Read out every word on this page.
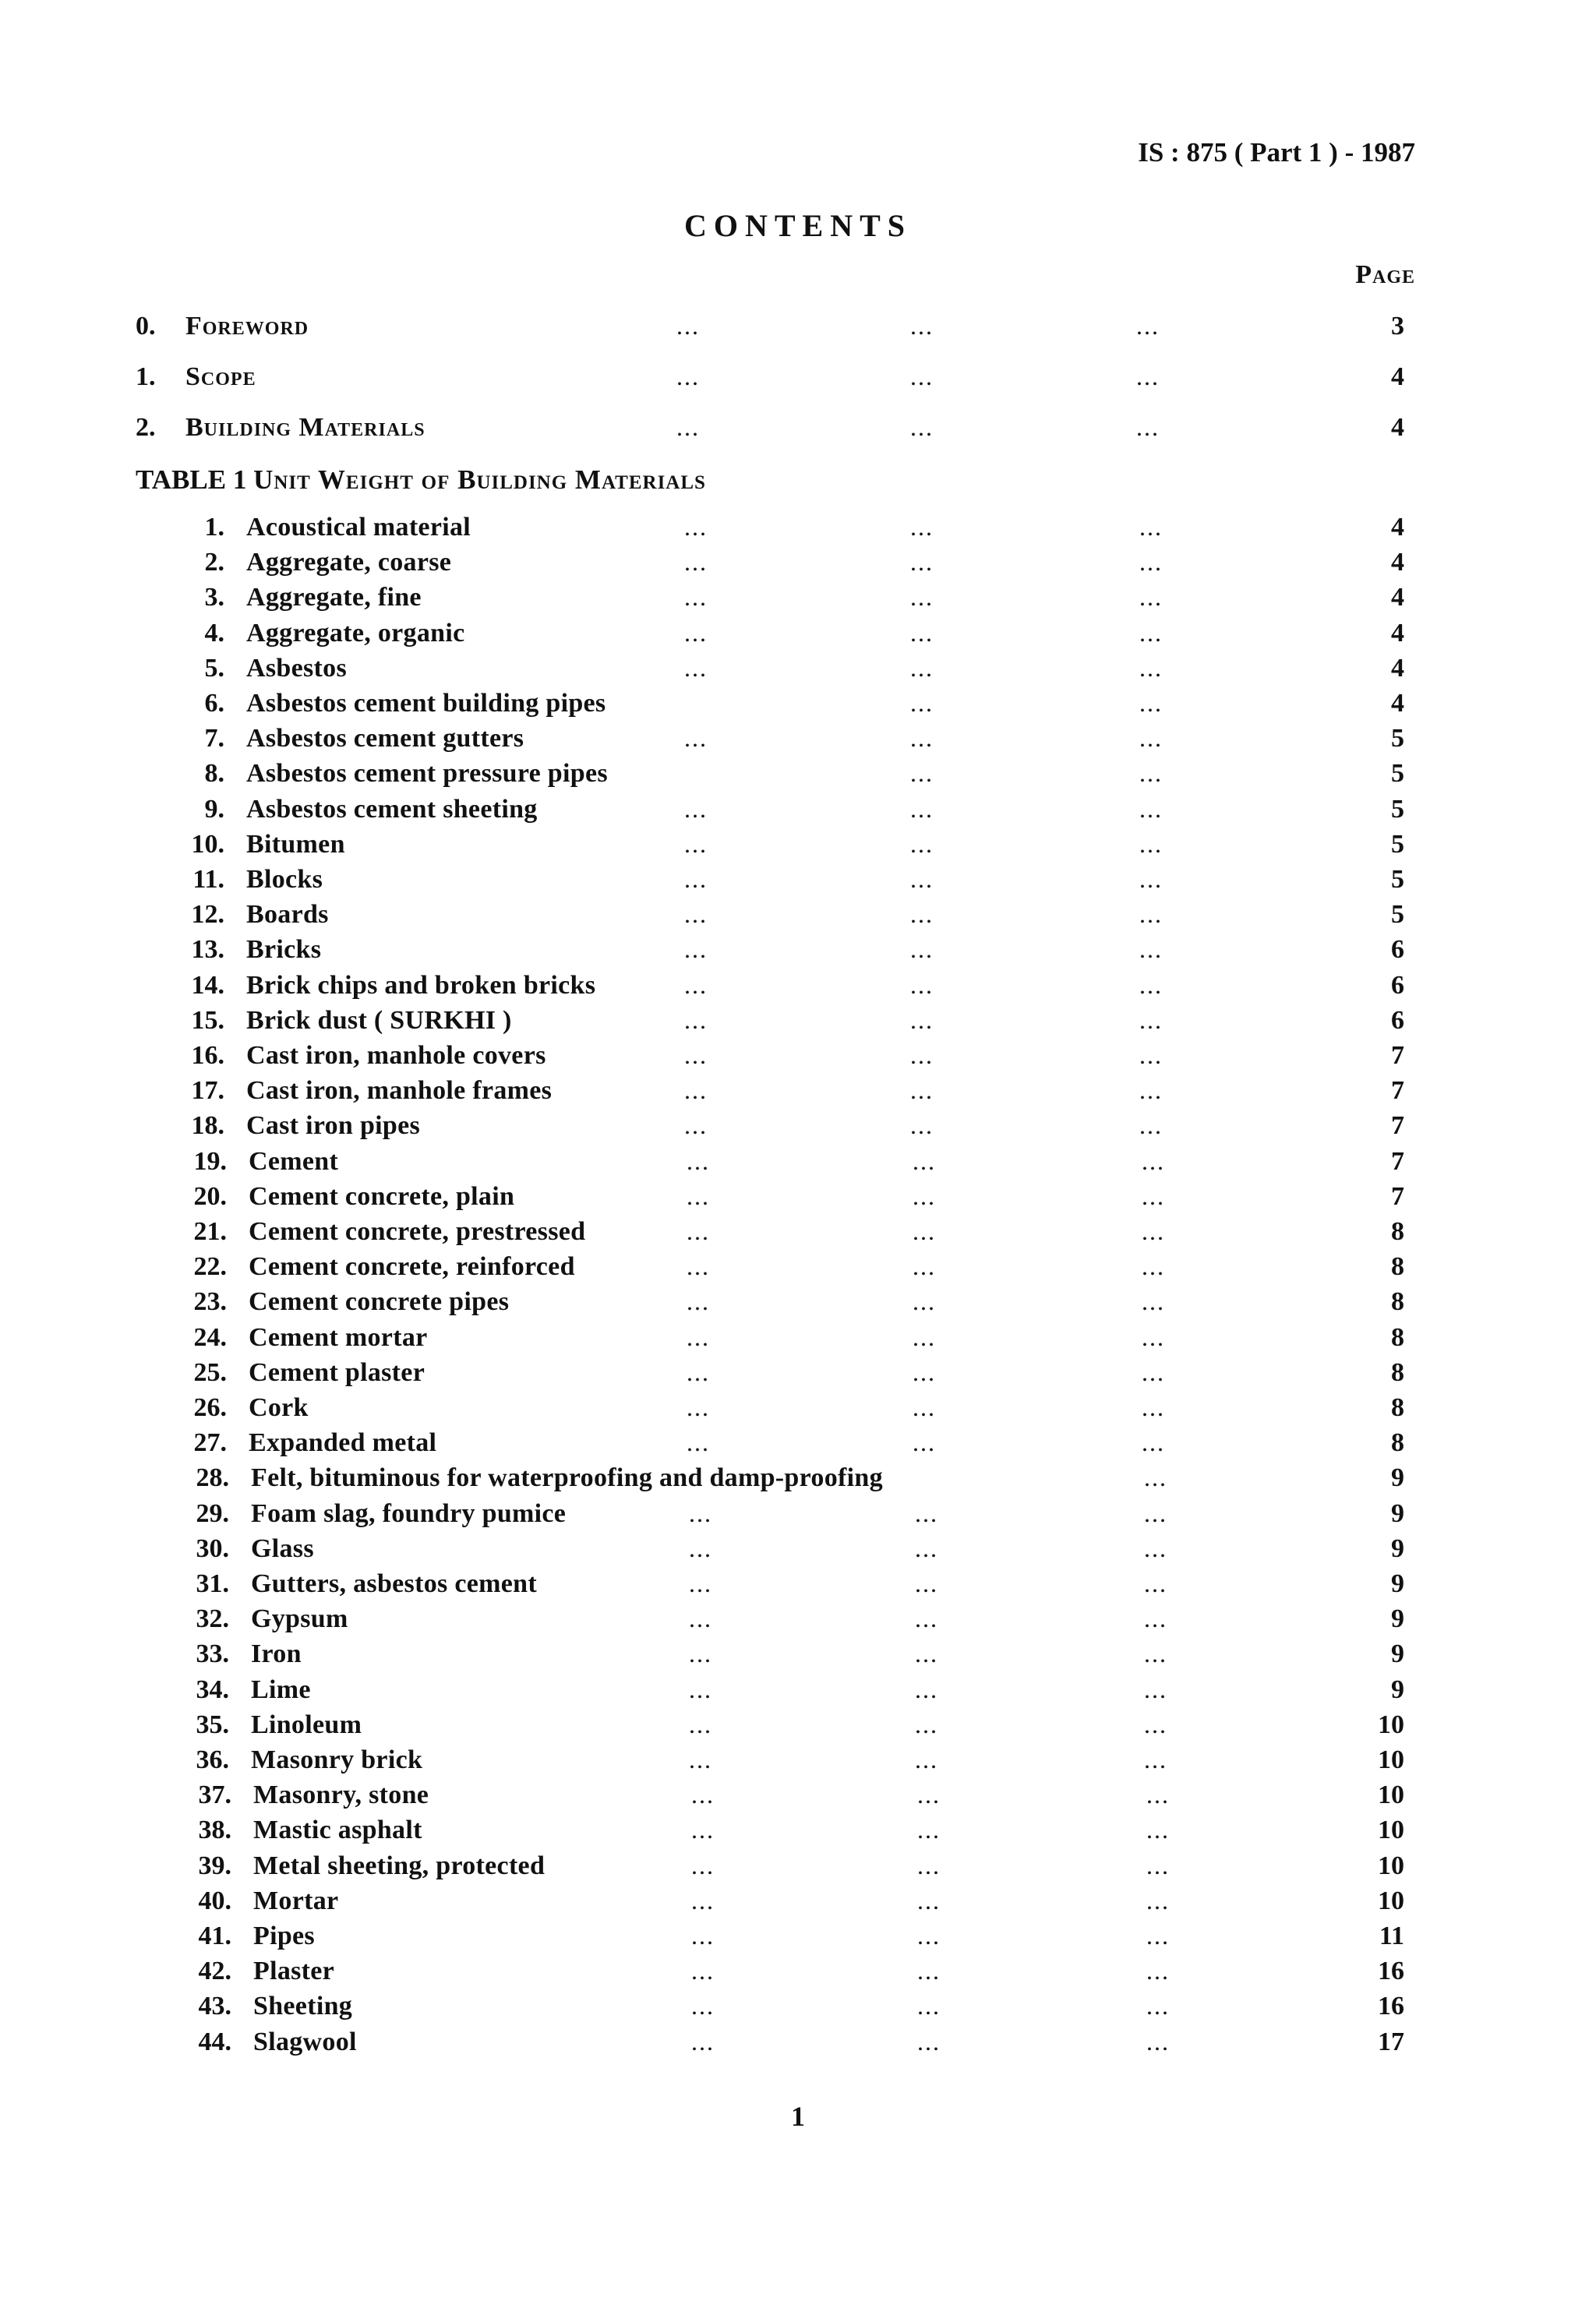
IS : 875 ( Part 1 ) - 1987
CONTENTS
Page
0. Foreword	...	...	...	3
1. Scope	...	...	...	4
2. Building Materials	...	...	...	4
TABLE 1 Unit Weight of Building Materials
1. Acoustical material	...	...	...	4
2. Aggregate, coarse	...	...	...	4
3. Aggregate, fine	...	...	...	4
4. Aggregate, organic	...	...	...	4
5. Asbestos	...	...	...	4
6. Asbestos cement building pipes	...	...	4
7. Asbestos cement gutters	...	...	...	5
8. Asbestos cement pressure pipes	...	...	5
9. Asbestos cement sheeting	...	...	...	5
10. Bitumen	...	...	...	5
11. Blocks	...	...	...	5
12. Boards	...	...	...	5
13. Bricks	...	...	...	6
14. Brick chips and broken bricks	...	...	...	6
15. Brick dust ( SURKHI )	...	...	...	6
16. Cast iron, manhole covers	...	...	...	7
17. Cast iron, manhole frames	...	...	...	7
18. Cast iron pipes	...	...	...	7
19. Cement	...	...	...	7
20. Cement concrete, plain	...	...	...	7
21. Cement concrete, prestressed	...	...	...	8
22. Cement concrete, reinforced	...	...	...	8
23. Cement concrete pipes	...	...	...	8
24. Cement mortar	...	...	...	8
25. Cement plaster	...	...	...	8
26. Cork	...	...	...	8
27. Expanded metal	...	...	...	8
28. Felt, bituminous for waterproofing and damp-proofing	...	9
29. Foam slag, foundry pumice	...	...	...	9
30. Glass	...	...	...	9
31. Gutters, asbestos cement	...	...	...	9
32. Gypsum	...	...	...	9
33. Iron	...	...	...	9
34. Lime	...	...	...	9
35. Linoleum	...	...	...	10
36. Masonry brick	...	...	...	10
37. Masonry, stone	...	...	...	10
38. Mastic asphalt	...	...	...	10
39. Metal sheeting, protected	...	...	...	10
40. Mortar	...	...	...	10
41. Pipes	...	...	...	11
42. Plaster	...	...	...	16
43. Sheeting	...	...	...	16
44. Slagwool	...	...	...	17
1
